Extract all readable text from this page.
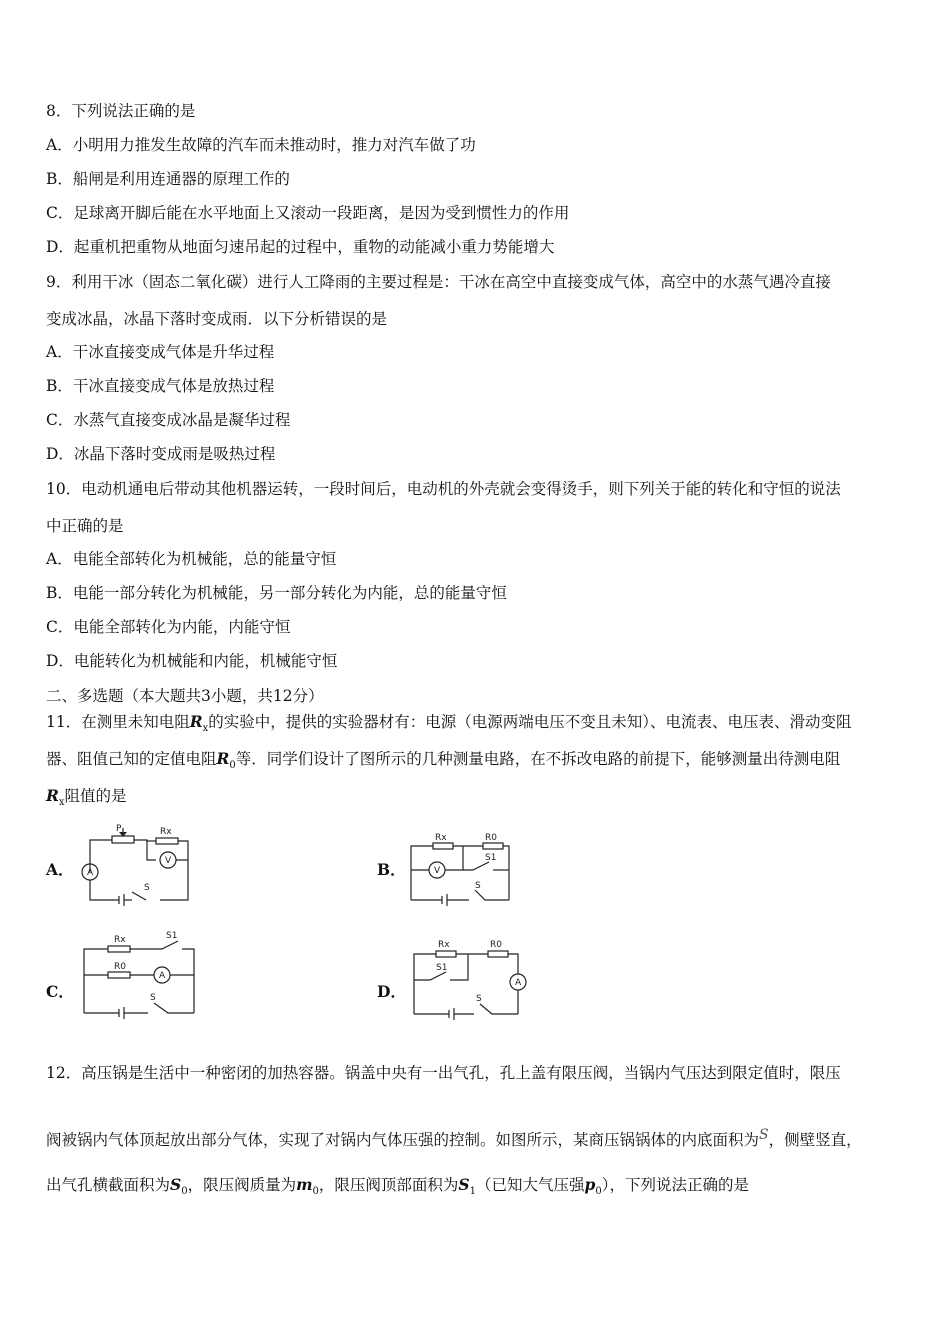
8．下列说法正确的是
A．小明用力推发生故障的汽车而未推动时，推力对汽车做了功
B．船闸是利用连通器的原理工作的
C．足球离开脚后能在水平地面上又滚动一段距离，是因为受到惯性力的作用
D．起重机把重物从地面匀速吊起的过程中，重物的动能减小重力势能增大
9．利用干冰（固态二氧化碳）进行人工降雨的主要过程是：干冰在高空中直接变成气体，高空中的水蒸气遇冷直接
变成冰晶，冰晶下落时变成雨．以下分析错误的是
A．干冰直接变成气体是升华过程
B．干冰直接变成气体是放热过程
C．水蒸气直接变成冰晶是凝华过程
D．冰晶下落时变成雨是吸热过程
10．电动机通电后带动其他机器运转，一段时间后，电动机的外壳就会变得烫手，则下列关于能的转化和守恒的说法
中正确的是
A．电能全部转化为机械能，总的能量守恒
B．电能一部分转化为机械能，另一部分转化为内能，总的能量守恒
C．电能全部转化为内能，内能守恒
D．电能转化为机械能和内能，机械能守恒
二、多选题（本大题共3小题，共12分）
11．在测里未知电阻$R_x$的实验中，提供的实验器材有：电源（电源两端电压不变且未知）、电流表、电压表、滑动变阻
器、阻值己知的定值电阻$R_0$等．同学们设计了图所示的几种测量电路，在不拆改电路的前提下，能够测量出待测电阻
$R_x$阻值的是
A．	B．
C．	D．
P	Rx
V
A
S
Rx	R0
S1
V
S
Rx	S1
R0
A
S
Rx	R0
S1
A
S
12．高压锅是生活中一种密闭的加热容器。锅盖中央有一出气孔，孔上盖有限压阀，当锅内气压达到限定值时，限压
阀被锅内气体顶起放出部分气体，实现了对锅内气体压强的控制。如图所示，某商压锅锅体的内底面积为$^S$，侧壁竖直，
出气孔横截面积为$S_0$，限压阀质量为$m_0$，限压阀顶部面积为$S_1$（已知大气压强$p_0$），下列说法正确的是
